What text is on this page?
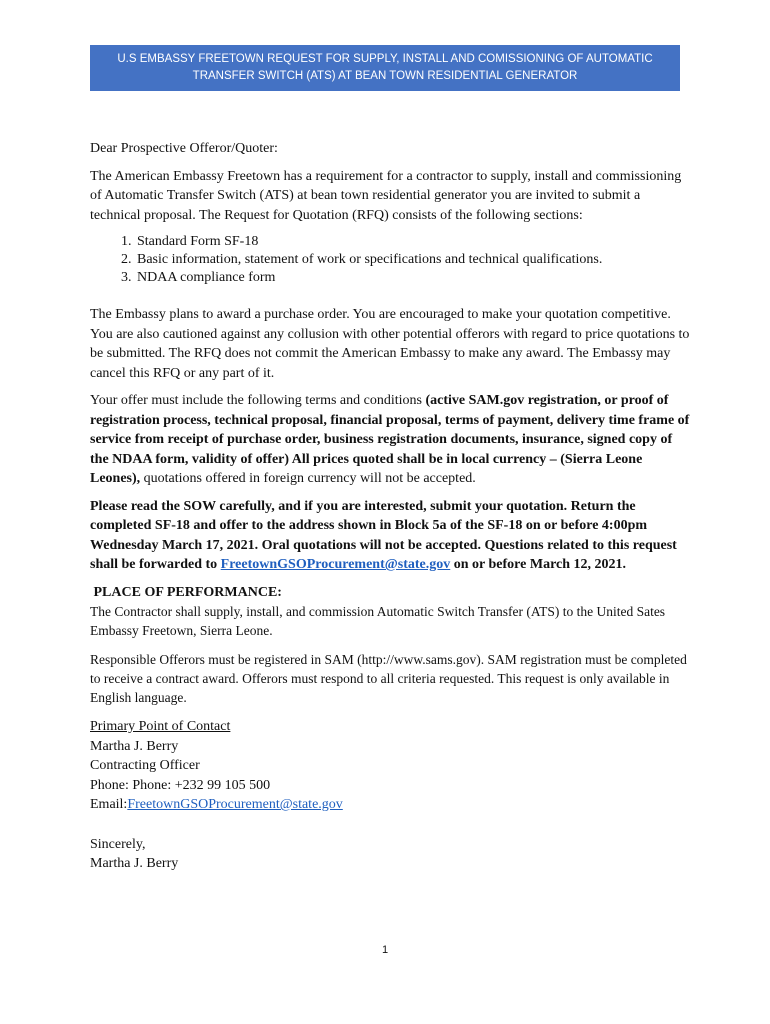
U.S EMBASSY FREETOWN REQUEST FOR SUPPLY, INSTALL AND COMISSIONING OF AUTOMATIC
TRANSFER SWITCH (ATS) AT BEAN TOWN RESIDENTIAL GENERATOR

Dear Prospective Offeror/Quoter:

The American Embassy Freetown has a requirement for a contractor to supply, install and commissioning of Automatic Transfer Switch (ATS) at bean town residential generator you are invited to submit a technical proposal. The Request for Quotation (RFQ) consists of the following sections:

1. Standard Form SF-18
2. Basic information, statement of work or specifications and technical qualifications.
3. NDAA compliance form

The Embassy plans to award a purchase order. You are encouraged to make your quotation competitive. You are also cautioned against any collusion with other potential offerors with regard to price quotations to be submitted. The RFQ does not commit the American Embassy to make any award. The Embassy may cancel this RFQ or any part of it.

Your offer must include the following terms and conditions (active SAM.gov registration, or proof of registration process, technical proposal, financial proposal, terms of payment, delivery time frame of service from receipt of purchase order, business registration documents, insurance, signed copy of the NDAA form, validity of offer) All prices quoted shall be in local currency – (Sierra Leone Leones), quotations offered in foreign currency will not be accepted.

Please read the SOW carefully, and if you are interested, submit your quotation. Return the completed SF-18 and offer to the address shown in Block 5a of the SF-18 on or before 4:00pm Wednesday March 17, 2021. Oral quotations will not be accepted. Questions related to this request shall be forwarded to FreetownGSOProcurement@state.gov on or before March 12, 2021.

PLACE OF PERFORMANCE:

The Contractor shall supply, install, and commission Automatic Switch Transfer (ATS) to the United Sates Embassy Freetown, Sierra Leone.

Responsible Offerors must be registered in SAM (http://www.sams.gov). SAM registration must be completed to receive a contract award. Offerors must respond to all criteria requested. This request is only available in English language.

Primary Point of Contact

Martha J. Berry

Contracting Officer

Phone: Phone: +232 99 105 500

Email:FreetownGSOProcurement@state.gov

Sincerely,

Martha J. Berry

1
